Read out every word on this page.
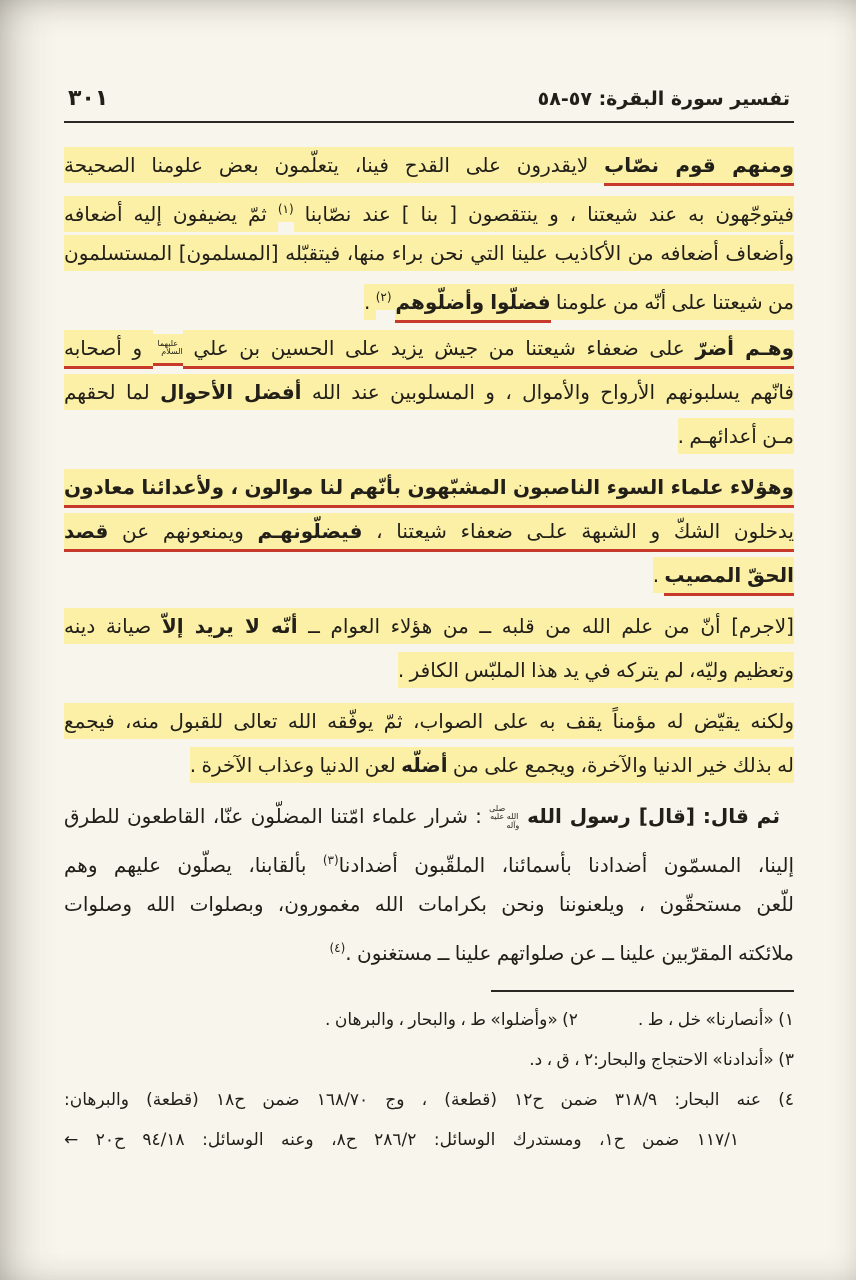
تفسير سورة البقرة: ٥٧-٥٨
٣٠١
ومنهم قوم نصّاب لايقدرون على القدح فينا، يتعلّمون بعض علومنا الصحيحة
فيتوجّهون به عند شيعتنا ، و ينتقصون [ بنا ] عند نصّابنا $^{(١)}$ ثمّ يضيفون إليه أضعافه
وأضعاف أضعافه من الأكاذيب علينا التي نحن براء منها، فيتقبّله [المسلمون] المستسلمون
من شيعتنا على أنّه من علومنا فضلّوا وأضلّوهم $^{(٢)}$ .
وهـم أضرّ على ضعفاء شيعتنا من جيش يزيد على الحسين بن علي عليهما السلام و أصحابه
فانّهم يسلبونهم الأرواح والأموال ، و المسلوبين عند الله أفضل الأحوال لما لحقهم
مـن أعدائهـم .
وهؤلاء علماء السوء الناصبون المشبّهون بأنّهم لنا موالون ، ولأعدائنا معادون
يدخلون الشكّ و الشبهة علـى ضعفاء شيعتنا ، فيضلّونهـم ويمنعونهم عن قصد
الحقّ المصيب .
[لاجرم] أنّ من علم الله من قلبه ــ من هؤلاء العوام ــ أنّه لا يريد إلاّ صيانة دينه
وتعظيم وليّه، لم يتركه في يد هذا الملبّس الكافر .
ولكنه يقيّض له مؤمناً يقف به على الصواب، ثمّ يوفّقه الله تعالى للقبول منه، فيجمع
له بذلك خير الدنيا والآخرة، ويجمع على من أضلّه لعن الدنيا وعذاب الآخرة .
ثم قال: [قال] رسول الله صلى الله عليه وآله : شرار علماء امّتنا المضلّون عنّا، القاطعون للطرق
إلينا، المسمّون أضدادنا بأسمائنا، الملقّبون أضدادنا$^{(٣)}$ بألقابنا، يصلّون عليهم وهم
للّعن مستحقّون ، ويلعنوننا ونحن بكرامات الله مغمورون، وبصلوات الله وصلوات
ملائكته المقرّبين علينا ــ عن صلواتهم علينا ــ مستغنون .$^{(٤)}$
٢) «وأضلوا» ط ، والبحار ، والبرهان .	١) «أنصارنا» خل ، ط .
٣) «أندادنا» الاحتجاج والبحار:٢ ، ق ، د.
٤) عنه البحار: ٣١٨/٩ ضمن ح١٢ (قطعة) ، وج ١٦٨/٧٠ ضمن ح١٨ (قطعة) والبرهان:
١١٧/١ ضمن ح١، ومستدرك الوسائل: ٢٨٦/٢ ح٨، وعنه الوسائل: ٩٤/١٨ ح٢٠ ←
